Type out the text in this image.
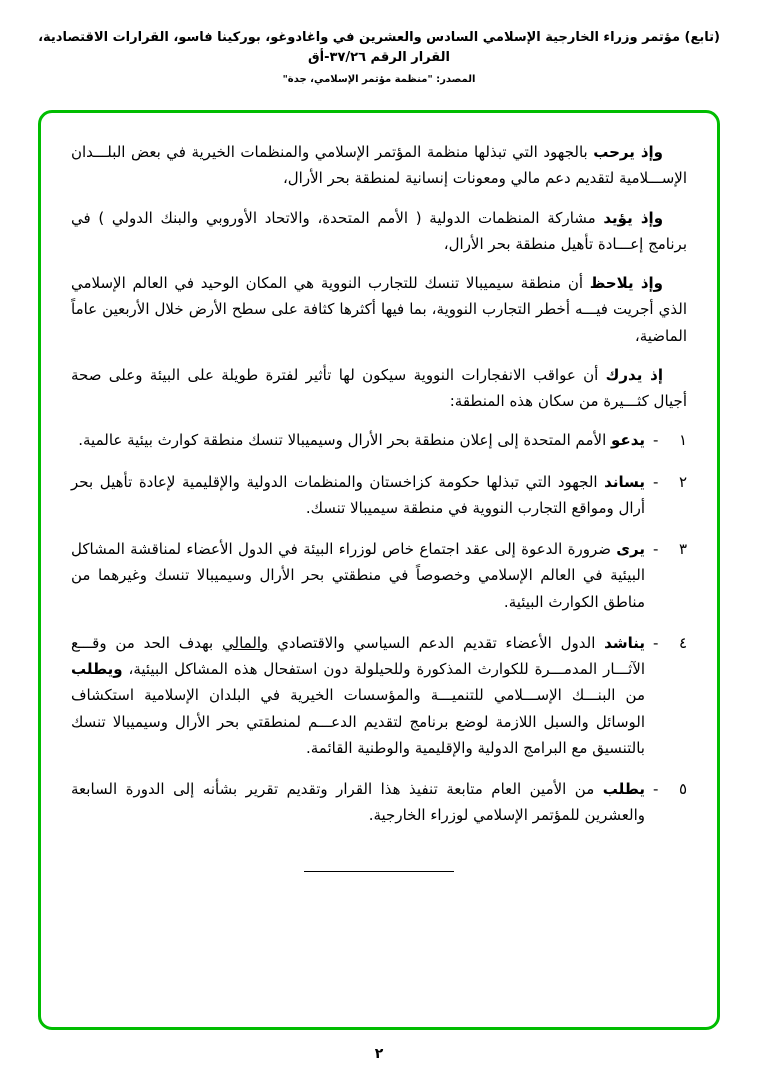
(تابع) مؤتمر وزراء الخارجية الإسلامي السادس والعشرين في واغادوغو، بوركينا فاسو، القرارات الاقتصادية، القرار الرقم ٣٧/٢٦-أق
المصدر: "منظمة مؤتمر الإسلامي، جدة"

وإذ يرحب بالجهود التي تبذلها منظمة المؤتمر الإسلامي والمنظمات الخيرية في بعض البلـــدان الإســـلامية لتقديم دعم مالي ومعونات إنسانية لمنطقة بحر الأرال،

وإذ يؤيد مشاركة المنظمات الدولية ( الأمم المتحدة، والاتحاد الأوروبي والبنك الدولي ) في برنامج إعـــادة تأهيل منطقة بحر الأرال،

وإذ يلاحظ أن منطقة سيميبالا تنسك للتجارب النووية هي المكان الوحيد في العالم الإسلامي الذي أجريت فيـــه أخطر التجارب النووية، بما فيها أكثرها كثافة على سطح الأرض خلال الأربعين عاماً الماضية،

إذ يدرك أن عواقب الانفجارات النووية سيكون لها تأثير لفترة طويلة على البيئة وعلى صحة أجيال كثـــيرة من سكان هذه المنطقة:

١
-
يدعو الأمم المتحدة إلى إعلان منطقة بحر الأرال وسيميبالا تنسك منطقة كوارث بيئية عالمية.
٢
-
يساند الجهود التي تبذلها حكومة كزاخستان والمنظمات الدولية والإقليمية لإعادة تأهيل بحر أرال ومواقع التجارب النووية في منطقة سيميبالا تنسك.
٣
-
يرى ضرورة الدعوة إلى عقد اجتماع خاص لوزراء البيئة في الدول الأعضاء لمناقشة المشاكل البيئية في العالم الإسلامي وخصوصاً في منطقتي بحر الأرال وسيميبالا تنسك وغيرهما من مناطق الكوارث البيئية.
٤
-
يناشد الدول الأعضاء تقديم الدعم السياسي والاقتصادي والمالي بهدف الحد من وقـــع الآثـــار المدمـــرة للكوارث المذكورة وللحيلولة دون استفحال هذه المشاكل البيئية، ويطلب من البنـــك الإســـلامي للتنميـــة والمؤسسات الخيرية في البلدان الإسلامية استكشاف الوسائل والسبل اللازمة لوضع برنامج لتقديم الدعـــم لمنطقتي بحر الأرال وسيميبالا تنسك بالتنسيق مع البرامج الدولية والإقليمية والوطنية القائمة.
٥
-
يطلب من الأمين العام متابعة تنفيذ هذا القرار وتقديم تقرير بشأنه إلى الدورة السابعة والعشرين للمؤتمر الإسلامي لوزراء الخارجية.
٢
